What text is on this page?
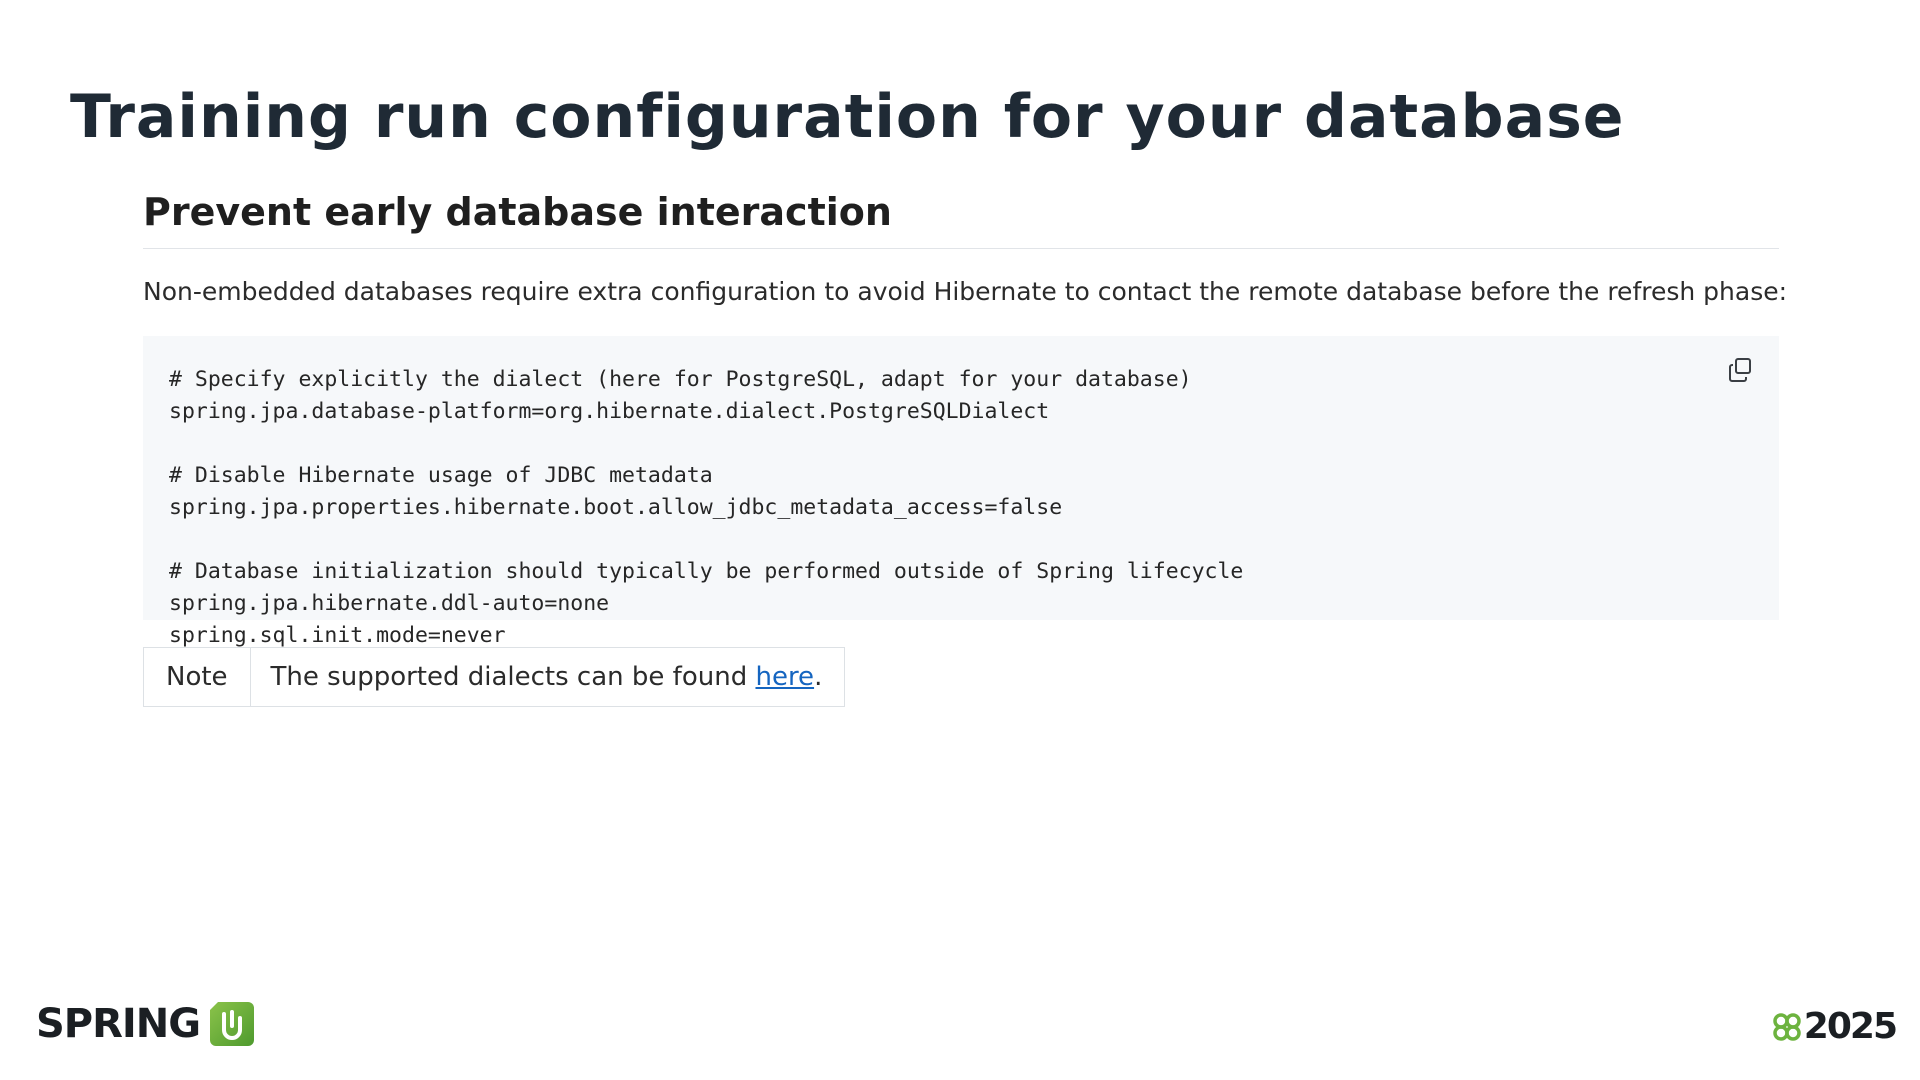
Training run configuration for your database
Prevent early database interaction

Non-embedded databases require extra configuration to avoid Hibernate to contact the remote database before the refresh phase:

# Specify explicitly the dialect (here for PostgreSQL, adapt for your database)
spring.jpa.database-platform=org.hibernate.dialect.PostgreSQLDialect
# Disable Hibernate usage of JDBC metadata
spring.jpa.properties.hibernate.boot.allow_jdbc_metadata_access=false
# Database initialization should typically be performed outside of Spring lifecycle
spring.jpa.hibernate.ddl-auto=none
spring.sql.init.mode=never
Note	The supported dialects can be found here .
SPRING	2025
